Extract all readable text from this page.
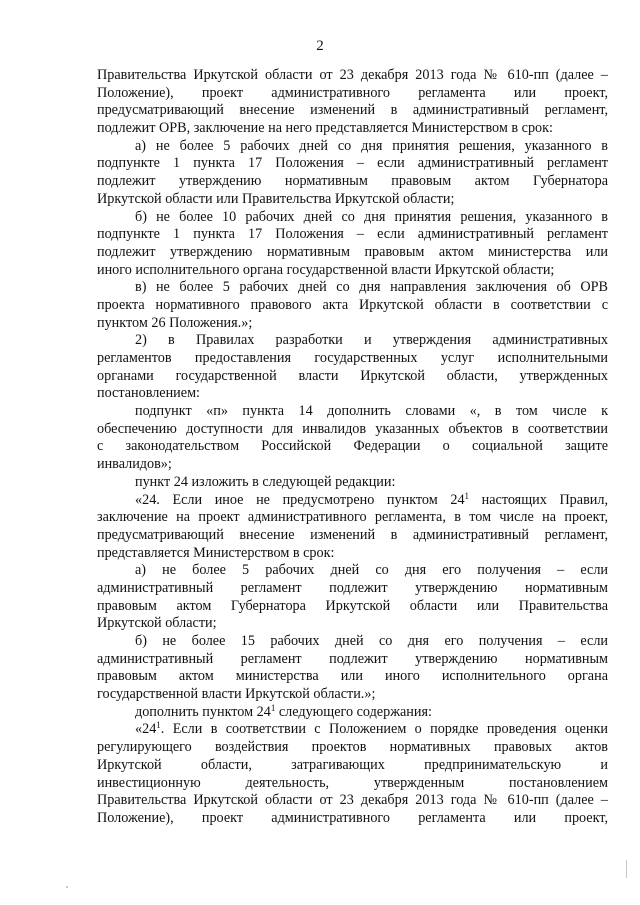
2
Правительства Иркутской области от 23 декабря 2013 года № 610-пп (далее –
Положение), проект административного регламента или проект,
предусматривающий внесение изменений в административный регламент,
подлежит ОРВ, заключение на него представляется Министерством в срок:
а) не более 5 рабочих дней со дня принятия решения, указанного в
подпункте 1 пункта 17 Положения – если административный регламент
подлежит утверждению нормативным правовым актом Губернатора
Иркутской области или Правительства Иркутской области;
б) не более 10 рабочих дней со дня принятия решения, указанного в
подпункте 1 пункта 17 Положения – если административный регламент
подлежит утверждению нормативным правовым актом министерства или
иного исполнительного органа государственной власти Иркутской области;
в) не более 5 рабочих дней со дня направления заключения об ОРВ
проекта нормативного правового акта Иркутской области в соответствии с
пунктом 26 Положения.»;
2) в Правилах разработки и утверждения административных
регламентов предоставления государственных услуг исполнительными
органами государственной власти Иркутской области, утвержденных
постановлением:
подпункт «п» пункта 14 дополнить словами «, в том числе к
обеспечению доступности для инвалидов указанных объектов в соответствии
с законодательством Российской Федерации о социальной защите
инвалидов»;
пункт 24 изложить в следующей редакции:
«24. Если иное не предусмотрено пунктом $24^1$ настоящих Правил,
заключение на проект административного регламента, в том числе на проект,
предусматривающий внесение изменений в административный регламент,
представляется Министерством в срок:
а) не более 5 рабочих дней со дня его получения – если
административный регламент подлежит утверждению нормативным
правовым актом Губернатора Иркутской области или Правительства
Иркутской области;
б) не более 15 рабочих дней со дня его получения – если
административный регламент подлежит утверждению нормативным
правовым актом министерства или иного исполнительного органа
государственной власти Иркутской области.»;
дополнить пунктом $24^1$ следующего содержания:
«$24^1$. Если в соответствии с Положением о порядке проведения оценки
регулирующего воздействия проектов нормативных правовых актов
Иркутской области, затрагивающих предпринимательскую и
инвестиционную деятельность, утвержденным постановлением
Правительства Иркутской области от 23 декабря 2013 года № 610-пп (далее –
Положение), проект административного регламента или проект,
